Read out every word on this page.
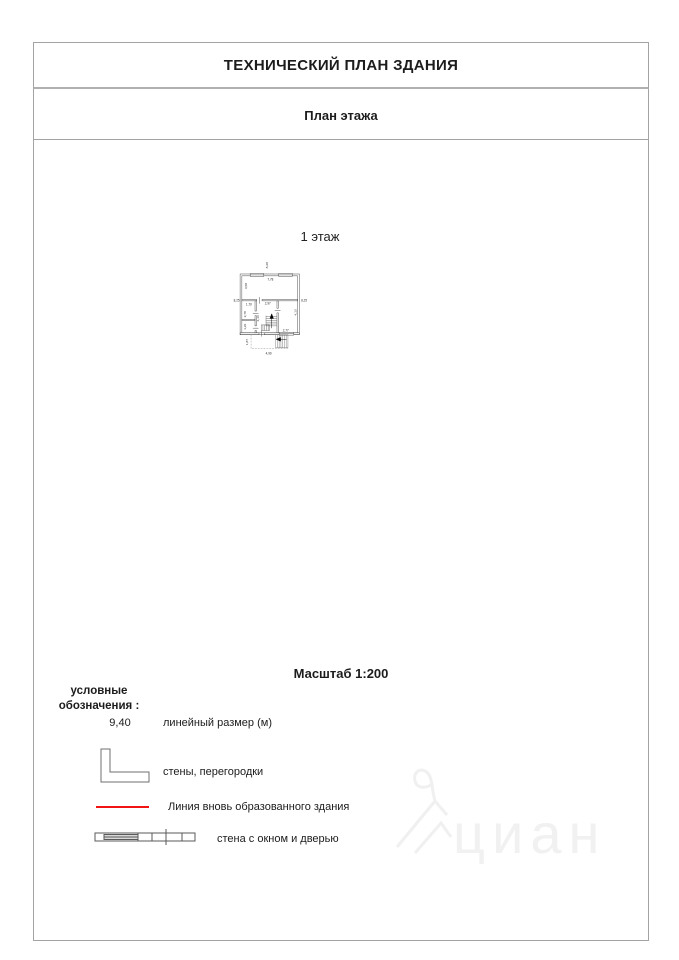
ТЕХНИЧЕСКИЙ ПЛАН ЗДАНИЯ
План этажа
1 этаж
8,28
7,78
3,58
8,25	8,25
1,70 2,97
2,78
4,10
4,10
1,22
2,77
1,87
4,90
Масштаб 1:200
условные
обозначения :
9,40	линейный размер (м)
стены, перегородки
Линия вновь образованного здания
стена с окном и дверью циан
